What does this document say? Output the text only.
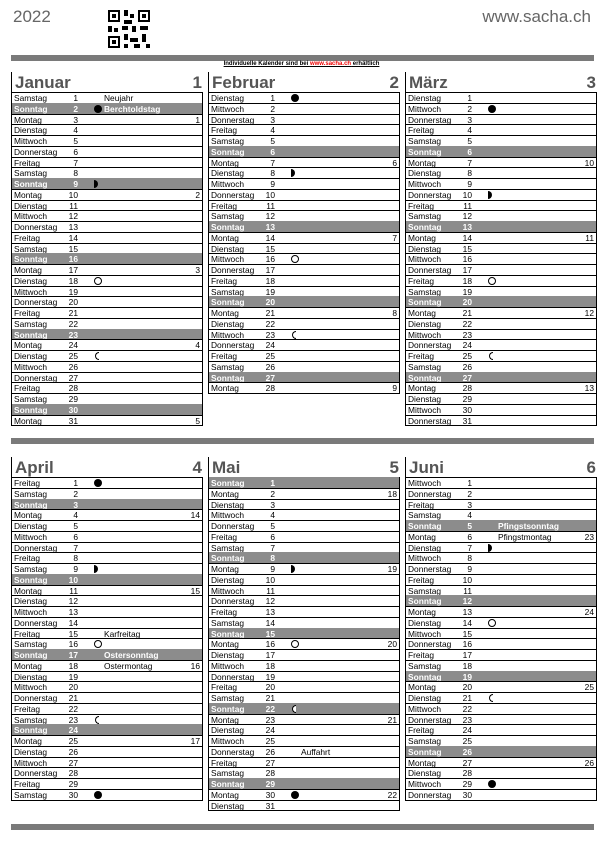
2022	www.sacha.ch
Individuelle Kalender sind bei www.sacha.ch erhältlich
Januar	1
Samstag	1	Neujahr
Sonntag	2	Berchtoldstag
Montag	3	1
Dienstag	4
Mittwoch	5
Donnerstag	6
Freitag	7
Samstag	8
Sonntag	9
Montag	10	2
Dienstag	11
Mittwoch	12
Donnerstag	13
Freitag	14
Samstag	15
Sonntag	16
Montag	17	3
Dienstag	18
Mittwoch	19
Donnerstag	20
Freitag	21
Samstag	22
Sonntag	23
Montag	24	4
Dienstag	25
Mittwoch	26
Donnerstag	27
Freitag	28
Samstag	29
Sonntag	30
Montag	31	5
Februar	2
Dienstag	1
Mittwoch	2
Donnerstag	3
Freitag	4
Samstag	5
Sonntag	6
Montag	7	6
Dienstag	8
Mittwoch	9
Donnerstag	10
Freitag	11
Samstag	12
Sonntag	13
Montag	14	7
Dienstag	15
Mittwoch	16
Donnerstag	17
Freitag	18
Samstag	19
Sonntag	20
Montag	21	8
Dienstag	22
Mittwoch	23
Donnerstag	24
Freitag	25
Samstag	26
Sonntag	27
Montag	28	9
März	3
Dienstag	1
Mittwoch	2
Donnerstag	3
Freitag	4
Samstag	5
Sonntag	6
Montag	7	10
Dienstag	8
Mittwoch	9
Donnerstag	10
Freitag	11
Samstag	12
Sonntag	13
Montag	14	11
Dienstag	15
Mittwoch	16
Donnerstag	17
Freitag	18
Samstag	19
Sonntag	20
Montag	21	12
Dienstag	22
Mittwoch	23
Donnerstag	24
Freitag	25
Samstag	26
Sonntag	27
Montag	28	13
Dienstag	29
Mittwoch	30
Donnerstag	31
April	4
Freitag	1
Samstag	2
Sonntag	3
Montag	4	14
Dienstag	5
Mittwoch	6
Donnerstag	7
Freitag	8
Samstag	9
Sonntag	10
Montag	11	15
Dienstag	12
Mittwoch	13
Donnerstag	14
Freitag	15	Karfreitag
Samstag	16
Sonntag	17	Ostersonntag
Montag	18	Ostermontag	16
Dienstag	19
Mittwoch	20
Donnerstag	21
Freitag	22
Samstag	23
Sonntag	24
Montag	25	17
Dienstag	26
Mittwoch	27
Donnerstag	28
Freitag	29
Samstag	30
Mai	5
Sonntag	1
Montag	2	18
Dienstag	3
Mittwoch	4
Donnerstag	5
Freitag	6
Samstag	7
Sonntag	8
Montag	9	19
Dienstag	10
Mittwoch	11
Donnerstag	12
Freitag	13
Samstag	14
Sonntag	15
Montag	16	20
Dienstag	17
Mittwoch	18
Donnerstag	19
Freitag	20
Samstag	21
Sonntag	22
Montag	23	21
Dienstag	24
Mittwoch	25
Donnerstag	26	Auffahrt
Freitag	27
Samstag	28
Sonntag	29
Montag	30	22
Dienstag	31
Juni	6
Mittwoch	1
Donnerstag	2
Freitag	3
Samstag	4
Sonntag	5	Pfingstsonntag
Montag	6	Pfingstmontag	23
Dienstag	7
Mittwoch	8
Donnerstag	9
Freitag	10
Samstag	11
Sonntag	12
Montag	13	24
Dienstag	14
Mittwoch	15
Donnerstag	16
Freitag	17
Samstag	18
Sonntag	19
Montag	20	25
Dienstag	21
Mittwoch	22
Donnerstag	23
Freitag	24
Samstag	25
Sonntag	26
Montag	27	26
Dienstag	28
Mittwoch	29
Donnerstag	30
